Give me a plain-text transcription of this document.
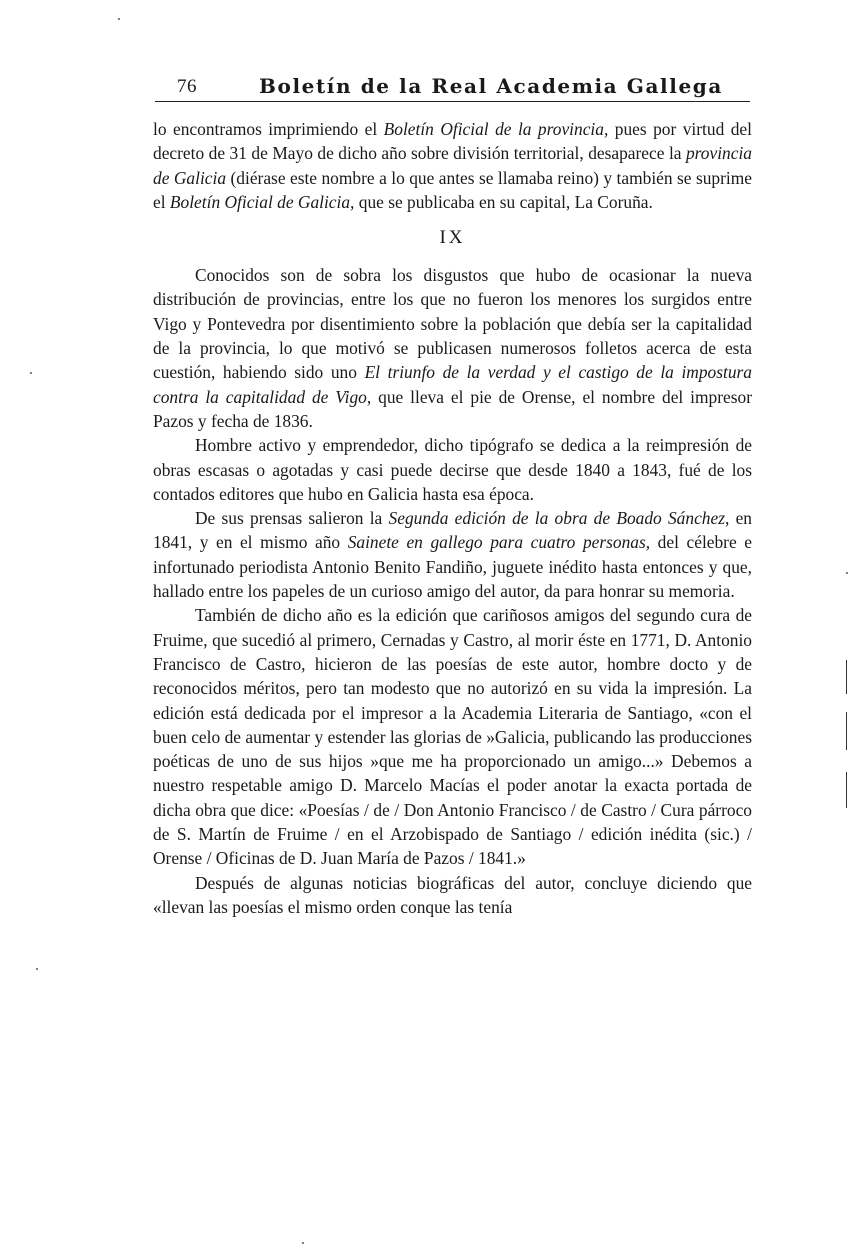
76	Boletín de la Real Academia Gallega

lo encontramos imprimiendo el Boletín Oficial de la provincia, pues por virtud del decreto de 31 de Mayo de dicho año sobre división territorial, desaparece la provincia de Galicia (diérase este nombre a lo que antes se llamaba reino) y también se suprime el Boletín Oficial de Galicia, que se publicaba en su capital, La Coruña.

IX

Conocidos son de sobra los disgustos que hubo de ocasionar la nueva distribución de provincias, entre los que no fueron los menores los surgidos entre Vigo y Pontevedra por disentimiento sobre la población que debía ser la capitalidad de la provincia, lo que motivó se publicasen numerosos folletos acerca de esta cuestión, habiendo sido uno El triunfo de la verdad y el castigo de la impostura contra la capitalidad de Vigo, que lleva el pie de Orense, el nombre del impresor Pazos y fecha de 1836.

Hombre activo y emprendedor, dicho tipógrafo se dedica a la reimpresión de obras escasas o agotadas y casi puede decirse que desde 1840 a 1843, fué de los contados editores que hubo en Galicia hasta esa época.

De sus prensas salieron la Segunda edición de la obra de Boado Sánchez, en 1841, y en el mismo año Sainete en gallego para cuatro personas, del célebre e infortunado periodista Antonio Benito Fandiño, juguete inédito hasta entonces y que, hallado entre los papeles de un curioso amigo del autor, da para honrar su memoria.

También de dicho año es la edición que cariñosos amigos del segundo cura de Fruime, que sucedió al primero, Cernadas y Castro, al morir éste en 1771, D. Antonio Francisco de Castro, hicieron de las poesías de este autor, hombre docto y de reconocidos méritos, pero tan modesto que no autorizó en su vida la impresión. La edición está dedicada por el impresor a la Academia Literaria de Santiago, «con el buen celo de aumentar y estender las glorias de »Galicia, publicando las producciones poéticas de uno de sus hijos »que me ha proporcionado un amigo...» Debemos a nuestro respetable amigo D. Marcelo Macías el poder anotar la exacta portada de dicha obra que dice: «Poesías / de / Don Antonio Francisco / de Castro / Cura párroco de S. Martín de Fruime / en el Arzobispado de Santiago / edición inédita (sic.) / Orense / Oficinas de D. Juan María de Pazos / 1841.»

Después de algunas noticias biográficas del autor, concluye diciendo que «llevan las poesías el mismo orden conque las tenía
